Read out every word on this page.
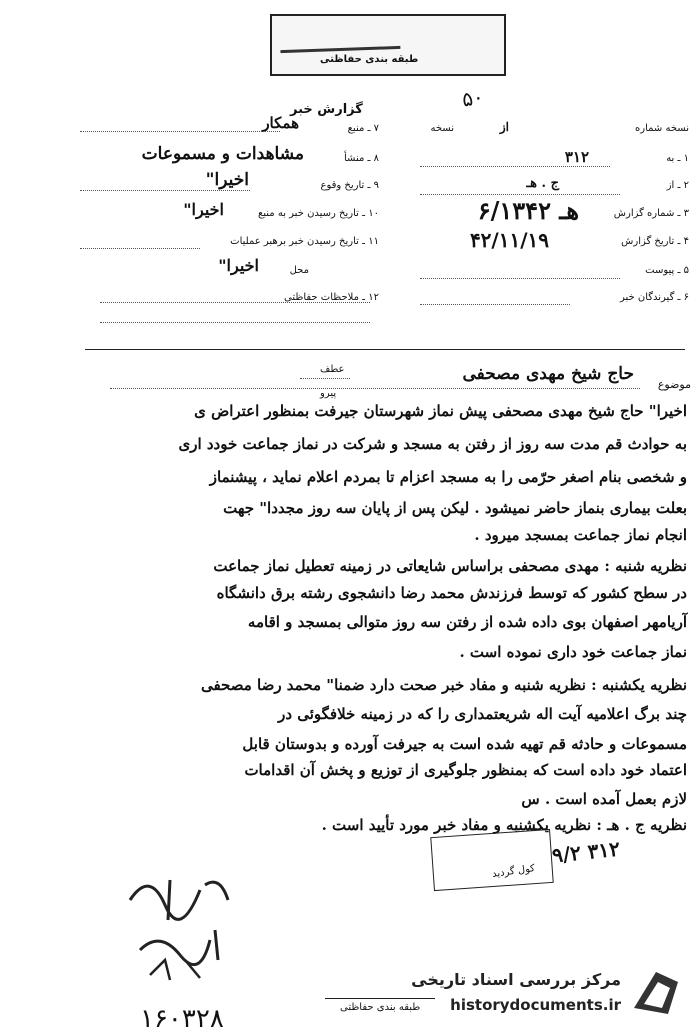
طبقه بندی حفاظتی
گزارش خبر	۵۰
نسخه شماره
از
نسخه
۱ ـ به
۳۱۲
۲ ـ از
ج . هـ
۳ ـ شماره گزارش
هـ ۶/۱۳۴۲
۴ ـ تاریخ گزارش
۴۲/۱۱/۱۹
۵ ـ پیوست
۶ ـ گیرندگان خبر
۷ ـ منبع
همکار
۸ ـ منشأ
مشاهدات و مسموعات
۹ ـ تاریخ وقوع
اخیرا"
۱۰ ـ تاریخ رسیدن خبر به منبع
اخیرا"
۱۱ ـ تاریخ رسیدن خبر برهبر عملیات
محل
اخیرا"
۱۲ ـ ملاحظات حفاظتی
موضوع
حاج شیخ مهدی مصحفی
عطف
پیرو
اخیرا" حاج شیخ مهدی مصحفی پیش نماز شهرستان جیرفت بمنظور اعتراض ی
به حوادث قم مدت سه روز از رفتن به مسجد و شرکت در نماز جماعت خودد اری
و شخصی بنام اصغر حرّمی را به مسجد اعزام تا بمردم اعلام نماید ، پیشنماز
بعلت بیماری بنماز حاضر نمیشود . لیکن پس از پایان سه روز مجددا" جهت
انجام نماز جماعت بمسجد میرود .
نظریه شنبه : مهدی مصحفی براساس شایعاتی در زمینه تعطیل نماز جماعت
در سطح کشور که توسط فرزندش محمد رضا دانشجوی رشته برق دانشگاه
آریامهر اصفهان بوی داده شده از رفتن سه روز متوالی بمسجد و اقامه
نماز جماعت خود داری نموده است .
نظریه یکشنبه : نظریه شنبه و مفاد خبر صحت دارد ضمنا" محمد رضا مصحفی
چند برگ اعلامیه آیت اله شریعتمداری را که در زمینه خلافگوئی در
مسموعات و حادثه قم تهیه شده است به جیرفت آورده و بدوستان قابل
اعتماد خود داده است که بمنظور جلوگیری از توزیع و پخش آن اقدامات
لازم بعمل آمده است . س
نظریه ج . هـ : نظریه یکشنبه و مفاد خبر مورد تأیید است .
کول گردید
۹/۲ ۳۱۲
طبقه بندی حفاظتی
۱۶۰۳۲۸
مرکز بررسی اسناد تاریخی
historydocuments.ir
